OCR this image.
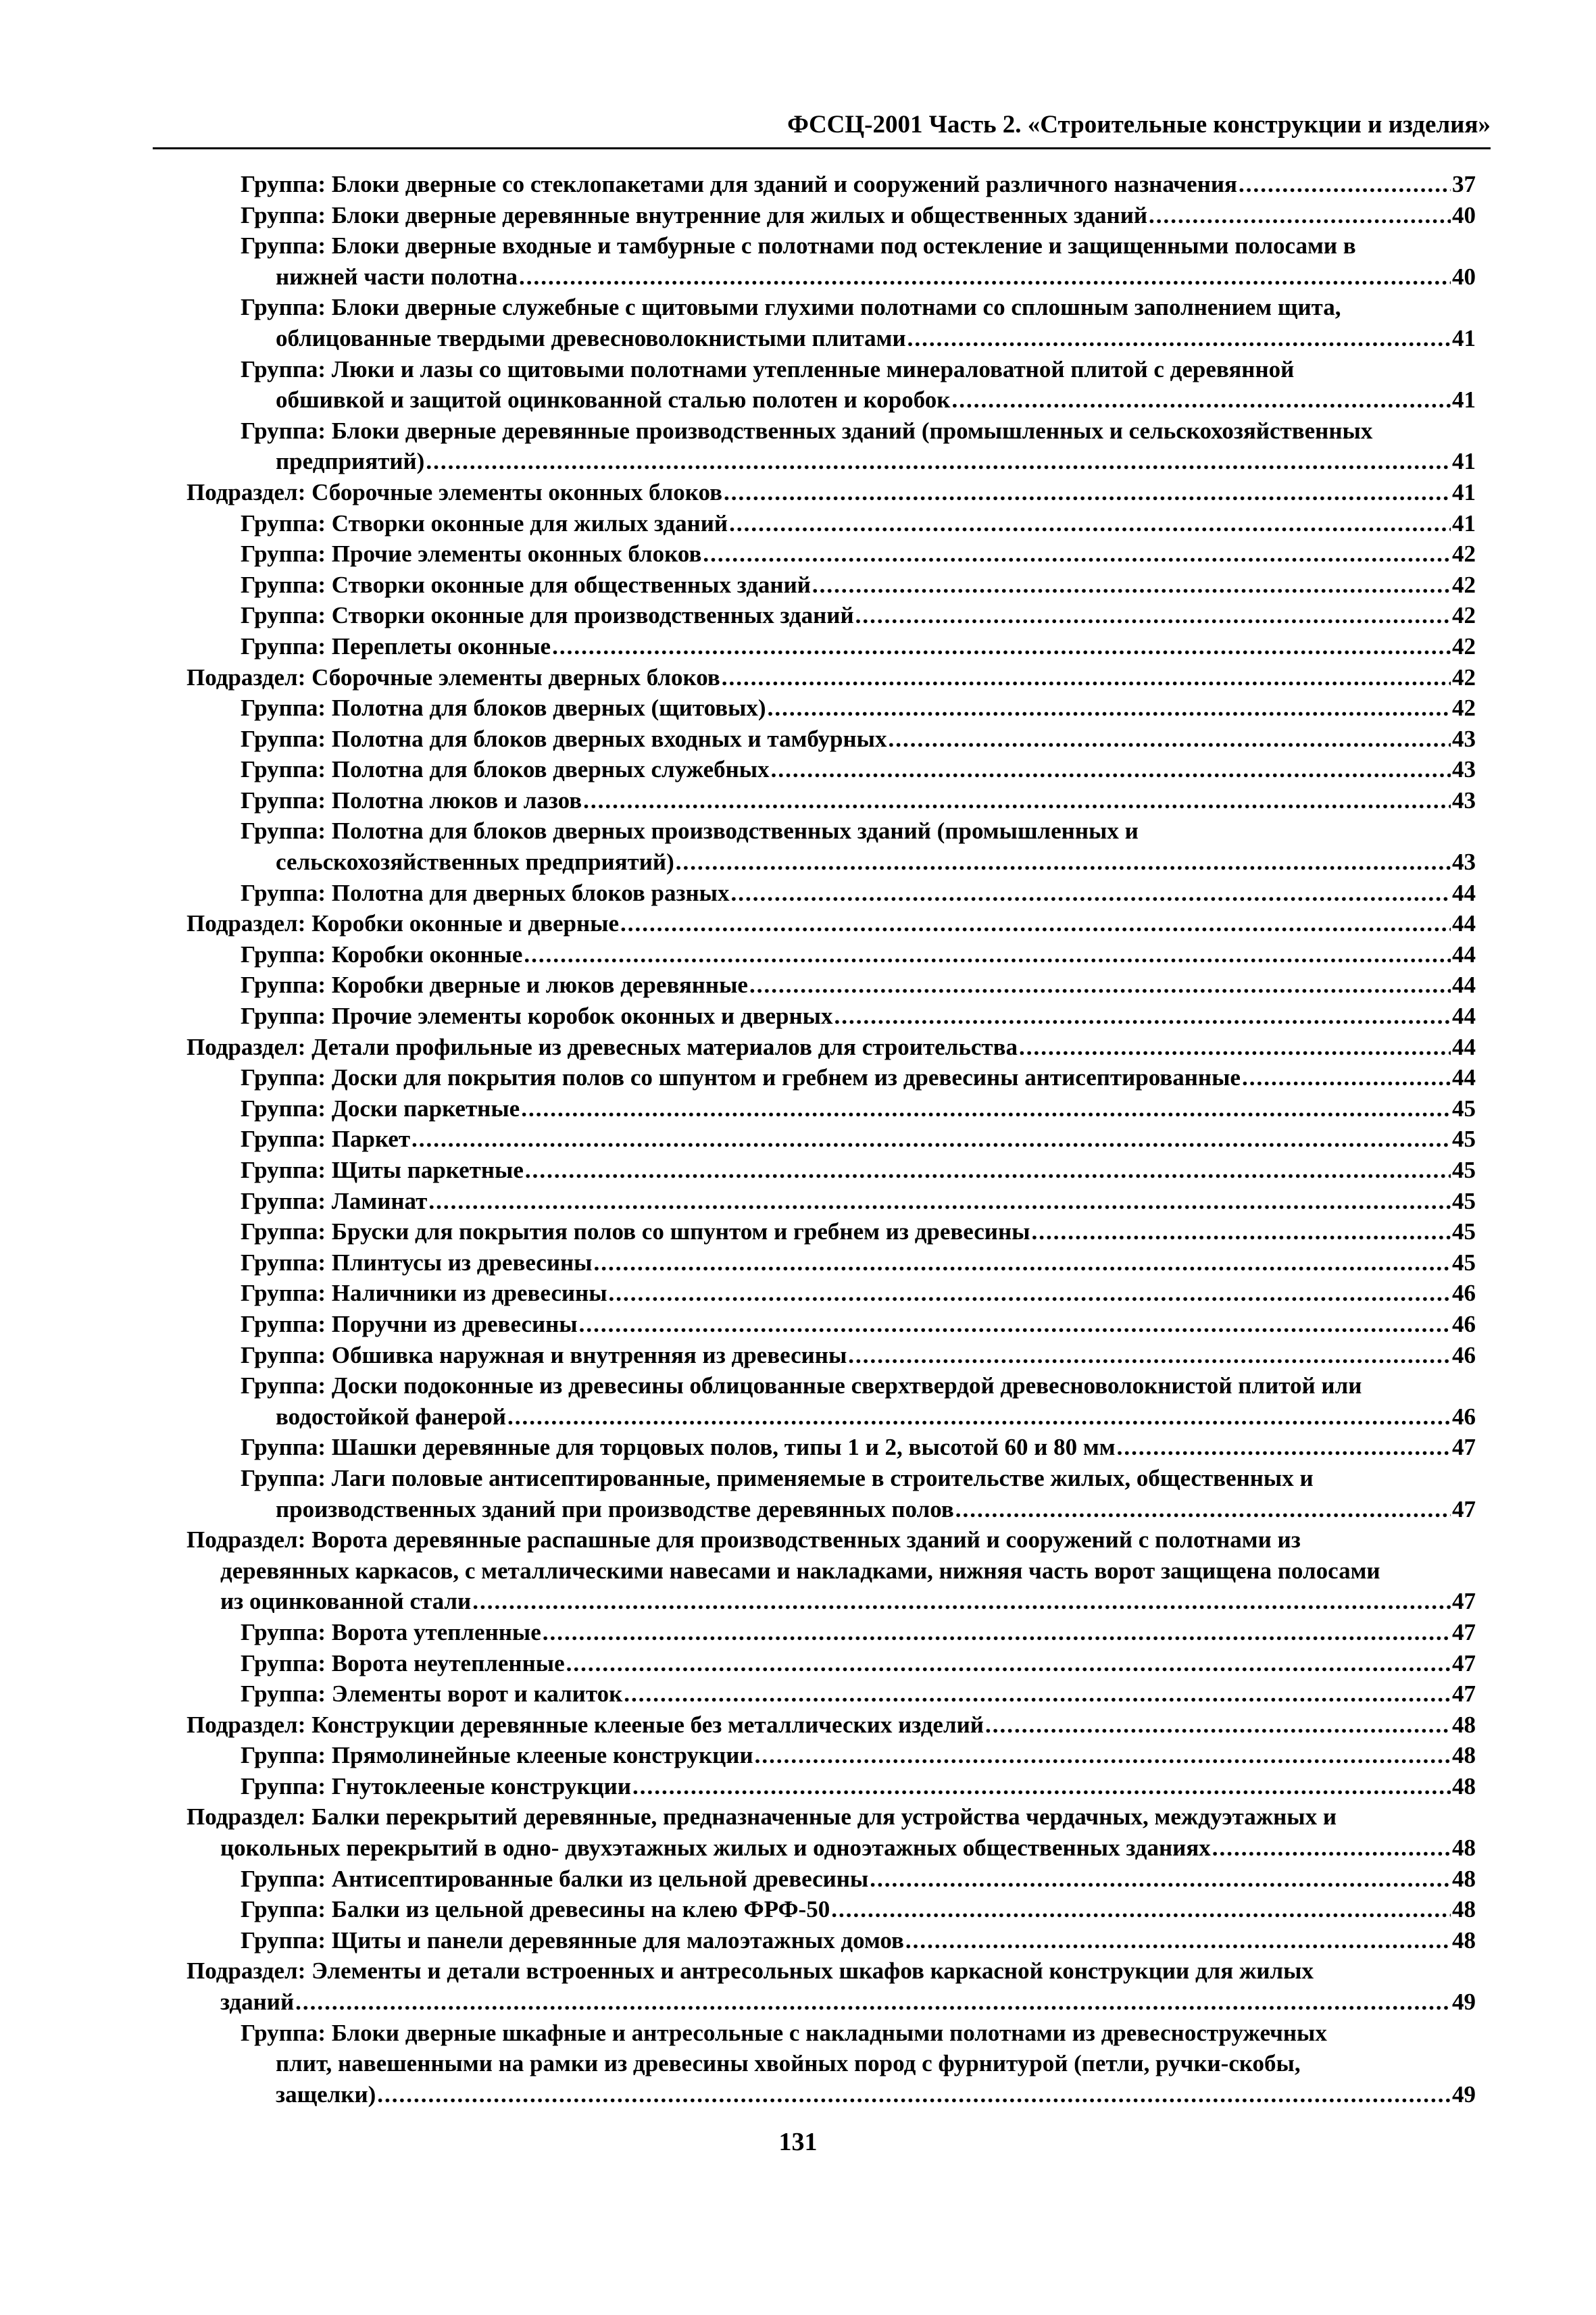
ФССЦ-2001 Часть 2. «Строительные конструкции и изделия»
Группа: Блоки дверные со стеклопакетами для зданий и сооружений различного назначения .....	37
Группа: Блоки дверные деревянные внутренние для жилых и общественных зданий .....	40
Группа: Блоки дверные входные и тамбурные с полотнами под остекление и защищенными полосами в
нижней части полотна .....	40
Группа: Блоки дверные служебные с щитовыми глухими полотнами со сплошным заполнением щита,
облицованные твердыми древесноволокнистыми плитами .....	41
Группа: Люки и лазы со щитовыми полотнами утепленные минераловатной плитой с деревянной
обшивкой и защитой оцинкованной сталью полотен и коробок .....	41
Группа: Блоки дверные деревянные производственных зданий (промышленных и сельскохозяйственных
предприятий) .....	41
Подраздел: Сборочные элементы оконных блоков .....	41
Группа: Створки оконные для жилых зданий .....	41
Группа: Прочие элементы оконных блоков .....	42
Группа: Створки оконные для общественных зданий .....	42
Группа: Створки оконные для производственных зданий .....	42
Группа: Переплеты оконные .....	42
Подраздел: Сборочные элементы дверных блоков .....	42
Группа: Полотна для блоков дверных (щитовых) .....	42
Группа: Полотна для блоков дверных входных и тамбурных .....	43
Группа: Полотна для блоков дверных служебных .....	43
Группа: Полотна люков и лазов .....	43
Группа: Полотна для блоков дверных производственных зданий (промышленных и
сельскохозяйственных предприятий) .....	43
Группа: Полотна для дверных блоков разных .....	44
Подраздел: Коробки оконные и дверные .....	44
Группа: Коробки оконные .....	44
Группа: Коробки дверные и люков деревянные .....	44
Группа: Прочие элементы коробок оконных и дверных .....	44
Подраздел: Детали профильные из древесных материалов для строительства .....	44
Группа: Доски для покрытия полов со шпунтом и гребнем из древесины антисептированные .....	44
Группа: Доски паркетные .....	45
Группа: Паркет .....	45
Группа: Щиты паркетные .....	45
Группа: Ламинат .....	45
Группа: Бруски для покрытия полов со шпунтом и гребнем из древесины .....	45
Группа: Плинтусы из древесины .....	45
Группа: Наличники из древесины .....	46
Группа: Поручни из древесины .....	46
Группа: Обшивка наружная и внутренняя из древесины .....	46
Группа: Доски подоконные из древесины облицованные сверхтвердой древесноволокнистой плитой или
водостойкой фанерой .....	46
Группа: Шашки деревянные для торцовых полов, типы 1 и 2, высотой 60 и 80 мм .....	47
Группа: Лаги половые антисептированные, применяемые в строительстве жилых, общественных и
производственных зданий при производстве деревянных полов .....	47
Подраздел: Ворота деревянные распашные для производственных зданий и сооружений с полотнами из
деревянных каркасов, с металлическими навесами и накладками, нижняя часть ворот защищена полосами
из оцинкованной стали .....	47
Группа: Ворота утепленные .....	47
Группа: Ворота неутепленные .....	47
Группа: Элементы ворот и калиток .....	47
Подраздел: Конструкции деревянные клееные без металлических изделий .....	48
Группа: Прямолинейные клееные конструкции .....	48
Группа: Гнутоклееные конструкции .....	48
Подраздел: Балки перекрытий деревянные, предназначенные для устройства чердачных, междуэтажных и
цокольных перекрытий в одно- двухэтажных жилых и одноэтажных общественных зданиях .....	48
Группа: Антисептированные балки из цельной древесины .....	48
Группа: Балки из цельной древесины на клею ФРФ-50 .....	48
Группа: Щиты и панели деревянные для малоэтажных домов .....	48
Подраздел: Элементы и детали встроенных и антресольных шкафов каркасной конструкции для жилых
зданий .....	49
Группа: Блоки дверные шкафные и антресольные с накладными полотнами из древесностружечных
плит, навешенными на рамки из древесины хвойных пород с фурнитурой (петли, ручки-скобы,
защелки) .....	49
131
